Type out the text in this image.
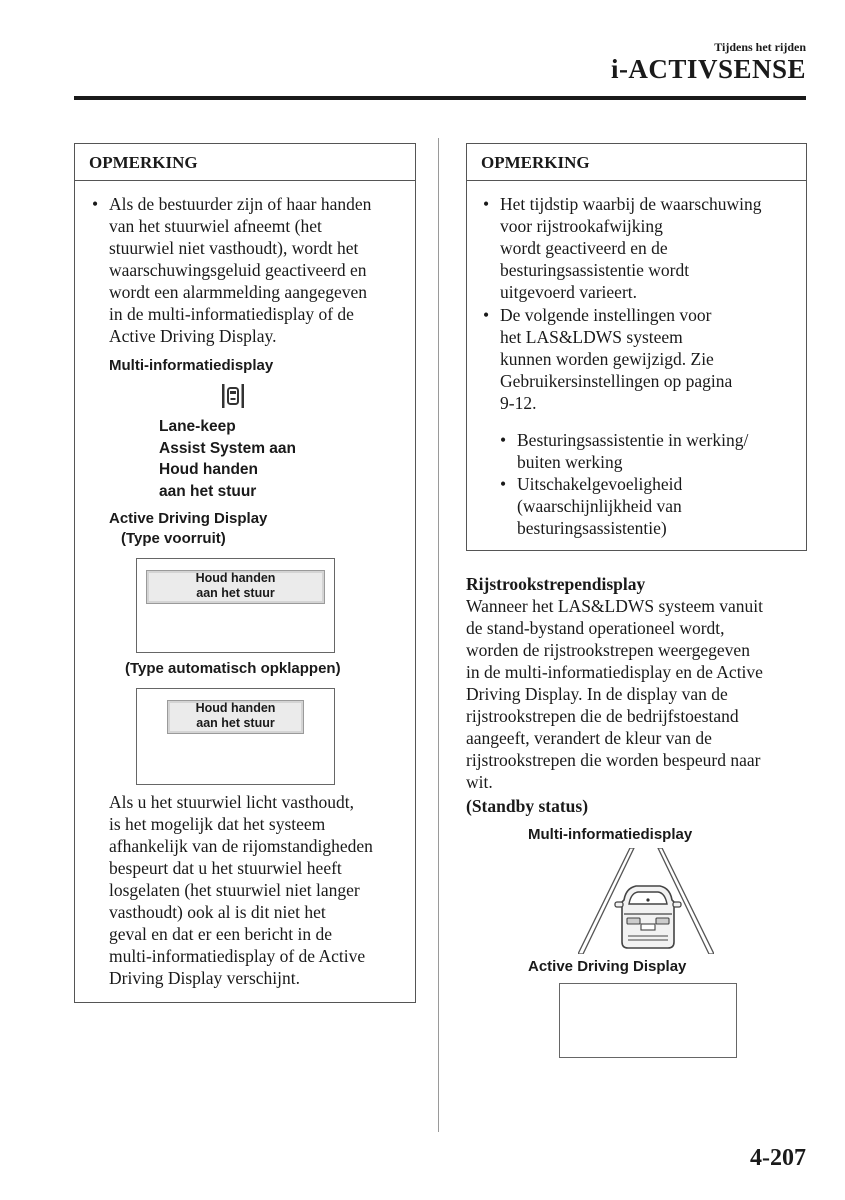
Tijdens het rijden
i-ACTIVSENSE
OPMERKING
• Als de bestuurder zijn of haar handen
van het stuurwiel afneemt (het
stuurwiel niet vasthoudt), wordt het
waarschuwingsgeluid geactiveerd en
wordt een alarmmelding aangegeven
in de multi-informatiedisplay of de
Active Driving Display.
Multi-informatiedisplay
Lane-keep
Assist System aan
Houd handen
aan het stuur
Active Driving Display
(Type voorruit)
Houd handen
aan het stuur
(Type automatisch opklappen)
Houd handen
aan het stuur
Als u het stuurwiel licht vasthoudt,
is het mogelijk dat het systeem
afhankelijk van de rijomstandigheden
bespeurt dat u het stuurwiel heeft
losgelaten (het stuurwiel niet langer
vasthoudt) ook al is dit niet het
geval en dat er een bericht in de
multi-informatiedisplay of de Active
Driving Display verschijnt.
OPMERKING
• Het tijdstip waarbij de waarschuwing
voor rijstrookafwijking
wordt geactiveerd en de
besturingsassistentie wordt
uitgevoerd varieert.
• De volgende instellingen voor
het LAS&LDWS systeem
kunnen worden gewijzigd. Zie
Gebruikersinstellingen op pagina
9-12.
• Besturingsassistentie in werking/
buiten werking
• Uitschakelgevoeligheid
(waarschijnlijkheid van
besturingsassistentie)
Rijstrookstrependisplay
Wanneer het LAS&LDWS systeem vanuit
de stand-bystand operationeel wordt,
worden de rijstrookstrepen weergegeven
in de multi-informatiedisplay en de Active
Driving Display. In de display van de
rijstrookstrepen die de bedrijfstoestand
aangeeft, verandert de kleur van de
rijstrookstrepen die worden bespeurd naar
wit.
(Standby status)
Multi-informatiedisplay
Active Driving Display
4-207
